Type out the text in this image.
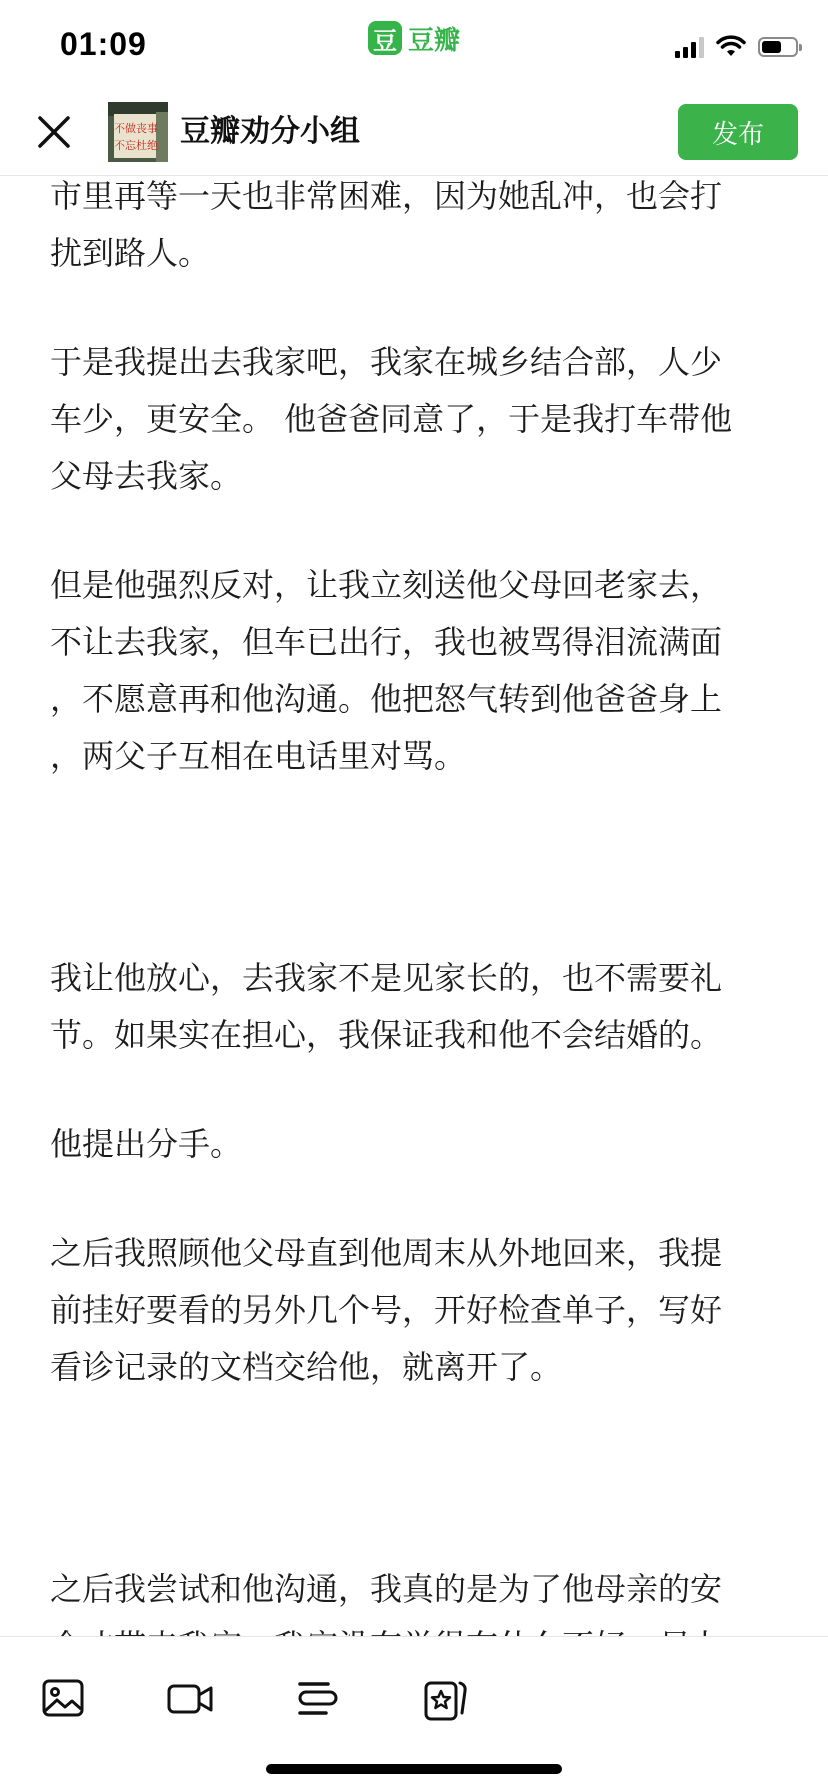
01:09	豆 豆瓣
不做丧事
不忘杜绝 豆瓣劝分小组	发布

市里再等一天也非常困难，因为她乱冲，也会打
扰到路人。

于是我提出去我家吧，我家在城乡结合部，人少
车少，更安全。 他爸爸同意了，于是我打车带他
父母去我家。

但是他强烈反对，让我立刻送他父母回老家去，
不让去我家，但车已出行，我也被骂得泪流满面
，不愿意再和他沟通。他把怒气转到他爸爸身上
，两父子互相在电话里对骂。

我让他放心，去我家不是见家长的，也不需要礼
节。如果实在担心，我保证我和他不会结婚的。

他提出分手。

之后我照顾他父母直到他周末从外地回来，我提
前挂好要看的另外几个号，开好检查单子，写好
看诊记录的文档交给他，就离开了。

之后我尝试和他沟通，我真的是为了他母亲的安
